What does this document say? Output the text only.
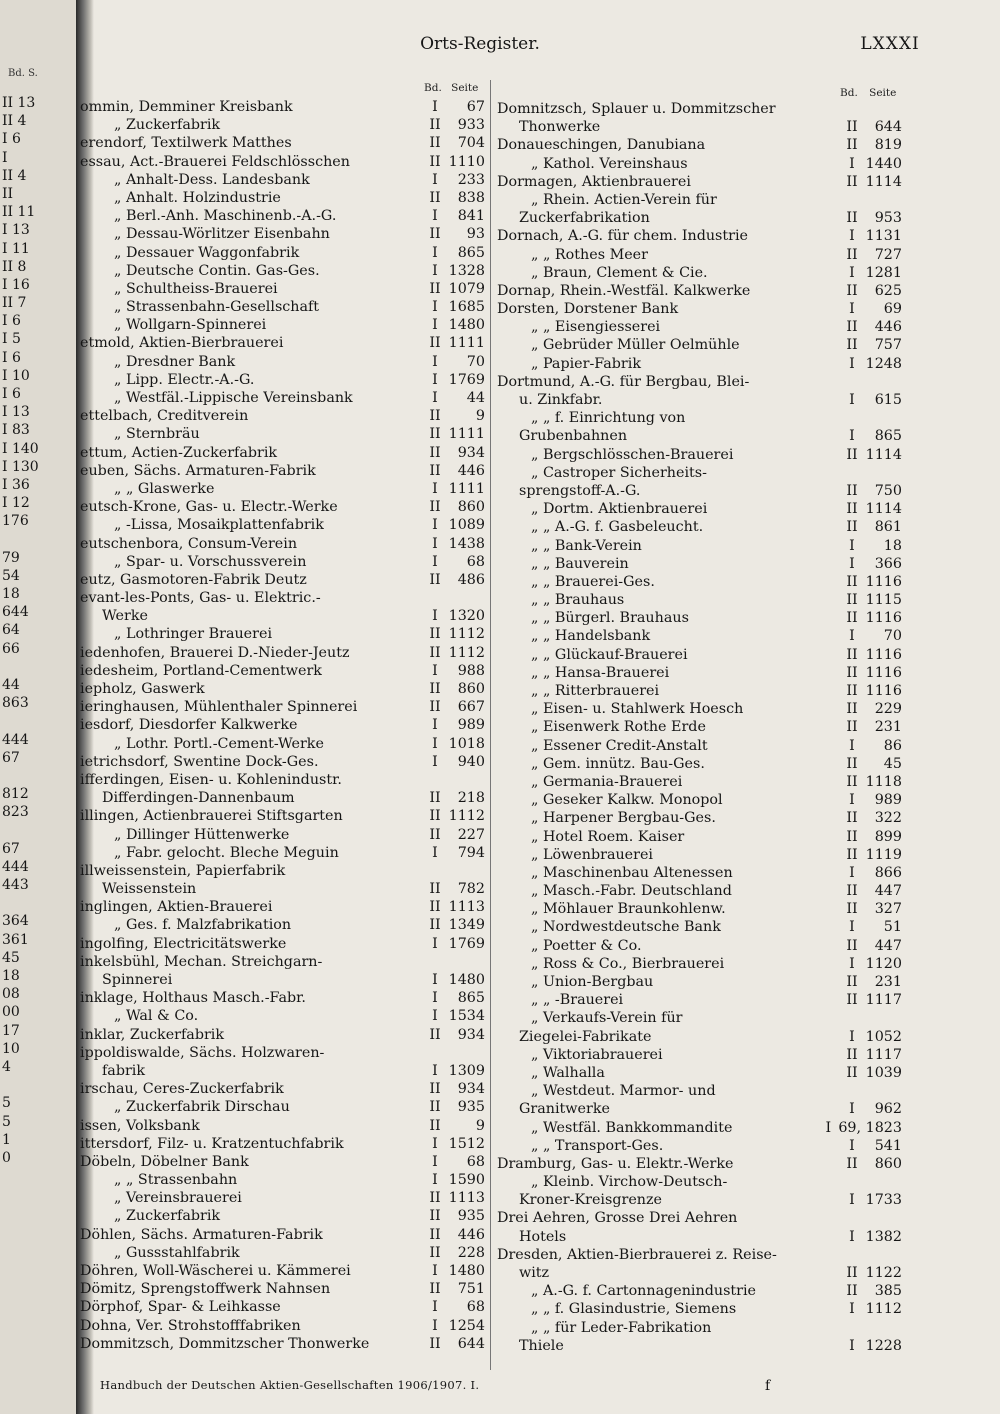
Bd. S.
II 13
II 4
I 6
I
II 4
II
II 11
I 13
I 11
II 8
I 16
II 7
I 6
I 5
I 6
I 10
I 6
I 13
I 83
I 140
I 130
I 36
I 12
176
79
54
18
644
64
66
44
863
444
67
812
823
67
444
443
364
361
45
18
08
00
17
10
4
5
5
1
0
Orts-Register.	LXXXI
Bd. Seite	Bd. Seite
ommin, Demminer Kreisbank	I	67
„ Zuckerfabrik	II	933
erendorf, Textilwerk Matthes	II	704
essau, Act.-Brauerei Feldschlösschen	II 1110
„ Anhalt-Dess. Landesbank	I	233
„ Anhalt. Holzindustrie	II	838
„ Berl.-Anh. Maschinenb.-A.-G.	I	841
„ Dessau-Wörlitzer Eisenbahn	II	93
„ Dessauer Waggonfabrik	I	865
„ Deutsche Contin. Gas-Ges.	I 1328
„ Schultheiss-Brauerei	II 1079
„ Strassenbahn-Gesellschaft	I 1685
„ Wollgarn-Spinnerei	I 1480
etmold, Aktien-Bierbrauerei	II 1111
„ Dresdner Bank	I	70
„ Lipp. Electr.-A.-G.	I 1769
„ Westfäl.-Lippische Vereinsbank	I	44
ettelbach, Creditverein	II	9
„ Sternbräu	II 1111
ettum, Actien-Zuckerfabrik	II	934
euben, Sächs. Armaturen-Fabrik	II	446
„ „ Glaswerke	I 1111
eutsch-Krone, Gas- u. Electr.-Werke	II	860
„ -Lissa, Mosaikplattenfabrik	I 1089
eutschenbora, Consum-Verein	I 1438
„ Spar- u. Vorschussverein	I	68
eutz, Gasmotoren-Fabrik Deutz	II	486
evant-les-Ponts, Gas- u. Elektric.-
Werke	I 1320
„ Lothringer Brauerei	II 1112
iedenhofen, Brauerei D.-Nieder-Jeutz	II 1112
iedesheim, Portland-Cementwerk	I	988
iepholz, Gaswerk	II	860
ieringhausen, Mühlenthaler Spinnerei	II	667
iesdorf, Diesdorfer Kalkwerke	I	989
„ Lothr. Portl.-Cement-Werke	I 1018
ietrichsdorf, Swentine Dock-Ges.	I	940
ifferdingen, Eisen- u. Kohlenindustr.
Differdingen-Dannenbaum	II	218
illingen, Actienbrauerei Stiftsgarten	II 1112
„ Dillinger Hüttenwerke	II	227
„ Fabr. gelocht. Bleche Meguin	I	794
illweissenstein, Papierfabrik
Weissenstein	II	782
inglingen, Aktien-Brauerei	II 1113
„ Ges. f. Malzfabrikation	II 1349
ingolfing, Electricitätswerke	I 1769
inkelsbühl, Mechan. Streichgarn-
Spinnerei	I 1480
inklage, Holthaus Masch.-Fabr.	I	865
„ Wal & Co.	I 1534
inklar, Zuckerfabrik	II	934
ippoldiswalde, Sächs. Holzwaren-
fabrik	I 1309
irschau, Ceres-Zuckerfabrik	II	934
„ Zuckerfabrik Dirschau	II	935
issen, Volksbank	II	9
ittersdorf, Filz- u. Kratzentuchfabrik	I 1512
Döbeln, Döbelner Bank	I	68
„ „ Strassenbahn	I 1590
„ Vereinsbrauerei	II 1113
„ Zuckerfabrik	II	935
Döhlen, Sächs. Armaturen-Fabrik	II	446
„ Gussstahlfabrik	II	228
Döhren, Woll-Wäscherei u. Kämmerei	I 1480
Dömitz, Sprengstoffwerk Nahnsen	II	751
Dörphof, Spar- & Leihkasse	I	68
Dohna, Ver. Strohstofffabriken	I 1254
Dommitzsch, Dommitzscher Thonwerke	II	644
Domnitzsch, Splauer u. Dommitzscher
Thonwerke	II	644
Donaueschingen, Danubiana	II	819
„ Kathol. Vereinshaus	I 1440
Dormagen, Aktienbrauerei	II 1114
„ Rhein. Actien-Verein für
Zuckerfabrikation	II	953
Dornach, A.-G. für chem. Industrie	I 1131
„ „ Rothes Meer	II	727
„ Braun, Clement & Cie.	I 1281
Dornap, Rhein.-Westfäl. Kalkwerke	II	625
Dorsten, Dorstener Bank	I	69
„ „ Eisengiesserei	II	446
„ Gebrüder Müller Oelmühle	II	757
„ Papier-Fabrik	I 1248
Dortmund, A.-G. für Bergbau, Blei-
u. Zinkfabr.	I	615
„ „ f. Einrichtung von
Grubenbahnen	I	865
„ Bergschlösschen-Brauerei	II 1114
„ Castroper Sicherheits-
sprengstoff-A.-G.	II	750
„ Dortm. Aktienbrauerei	II 1114
„ „ A.-G. f. Gasbeleucht.	II	861
„ „ Bank-Verein	I	18
„ „ Bauverein	I	366
„ „ Brauerei-Ges.	II 1116
„ „ Brauhaus	II 1115
„ „ Bürgerl. Brauhaus	II 1116
„ „ Handelsbank	I	70
„ „ Glückauf-Brauerei	II 1116
„ „ Hansa-Brauerei	II 1116
„ „ Ritterbrauerei	II 1116
„ Eisen- u. Stahlwerk Hoesch	II	229
„ Eisenwerk Rothe Erde	II	231
„ Essener Credit-Anstalt	I	86
„ Gem. innütz. Bau-Ges.	II	45
„ Germania-Brauerei	II 1118
„ Geseker Kalkw. Monopol	I	989
„ Harpener Bergbau-Ges.	II	322
„ Hotel Roem. Kaiser	II	899
„ Löwenbrauerei	II 1119
„ Maschinenbau Altenessen	I	866
„ Masch.-Fabr. Deutschland	II	447
„ Möhlauer Braunkohlenw.	II	327
„ Nordwestdeutsche Bank	I	51
„ Poetter & Co.	II	447
„ Ross & Co., Bierbrauerei	I 1120
„ Union-Bergbau	II	231
„ „ -Brauerei	II 1117
„ Verkaufs-Verein für
Ziegelei-Fabrikate	I 1052
„ Viktoriabrauerei	II 1117
„ Walhalla	II 1039
„ Westdeut. Marmor- und
Granitwerke	I	962
„ Westfäl. Bankkommandite	I 69, 1823
„ „ Transport-Ges.	I	541
Dramburg, Gas- u. Elektr.-Werke	II	860
„ Kleinb. Virchow-Deutsch-
Kroner-Kreisgrenze	I 1733
Drei Aehren, Grosse Drei Aehren
Hotels	I 1382
Dresden, Aktien-Bierbrauerei z. Reise-
witz	II 1122
„ A.-G. f. Cartonnagenindustrie	II	385
„ „ f. Glasindustrie, Siemens	I 1112
„ „ für Leder-Fabrikation
Thiele	I 1228
Handbuch der Deutschen Aktien-Gesellschaften 1906/1907. I.	f
